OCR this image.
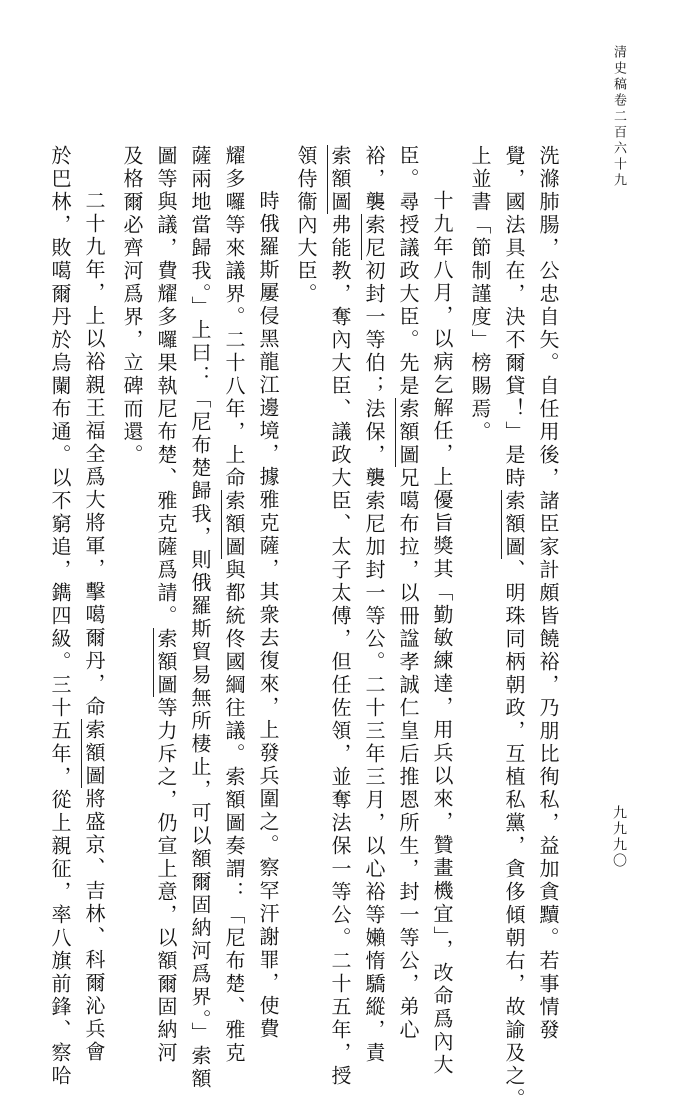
清史稿卷二百六十九
九九九〇
洗滌肺腸，公忠自矢。自任用後，諸臣家計頗皆饒裕，乃朋比徇私，益加貪黷。若事情發
覺，國法具在，決不爾貸！」是時索額圖、明珠同柄朝政，互植私黨，貪侈傾朝右，故諭及之。
上並書「節制謹度」榜賜焉。
十九年八月，以病乞解任，上優旨獎其「勤敏練達，用兵以來，贊畫機宜」，改命爲內大
臣。尋授議政大臣。先是索額圖兄噶布拉，以冊諡孝誠仁皇后推恩所生，封一等公，弟心
裕，襲索尼初封一等伯；法保，襲索尼加封一等公。二十三年三月，以心裕等嬾惰驕縱，責
索額圖弗能教，奪內大臣、議政大臣、太子太傅，但任佐領，並奪法保一等公。二十五年，授
領侍衞內大臣。
時俄羅斯屢侵黑龍江邊境，據雅克薩，其衆去復來，上發兵圍之。察罕汗謝罪，使費
耀多囉等來議界。二十八年，上命索額圖與都統佟國綱往議。索額圖奏謂：「尼布楚、雅克
薩兩地當歸我。」上曰：「尼布楚歸我，則俄羅斯貿易無所棲止，可以額爾固納河爲界。」索額
圖等與議，費耀多囉果執尼布楚、雅克薩爲請。索額圖等力斥之，仍宣上意，以額爾固納河
及格爾必齊河爲界，立碑而還。
二十九年，上以裕親王福全爲大將軍，擊噶爾丹，命索額圖將盛京、吉林、科爾沁兵會
於巴林，敗噶爾丹於烏闌布通。以不窮追，鐫四級。三十五年，從上親征，率八旗前鋒、察哈
